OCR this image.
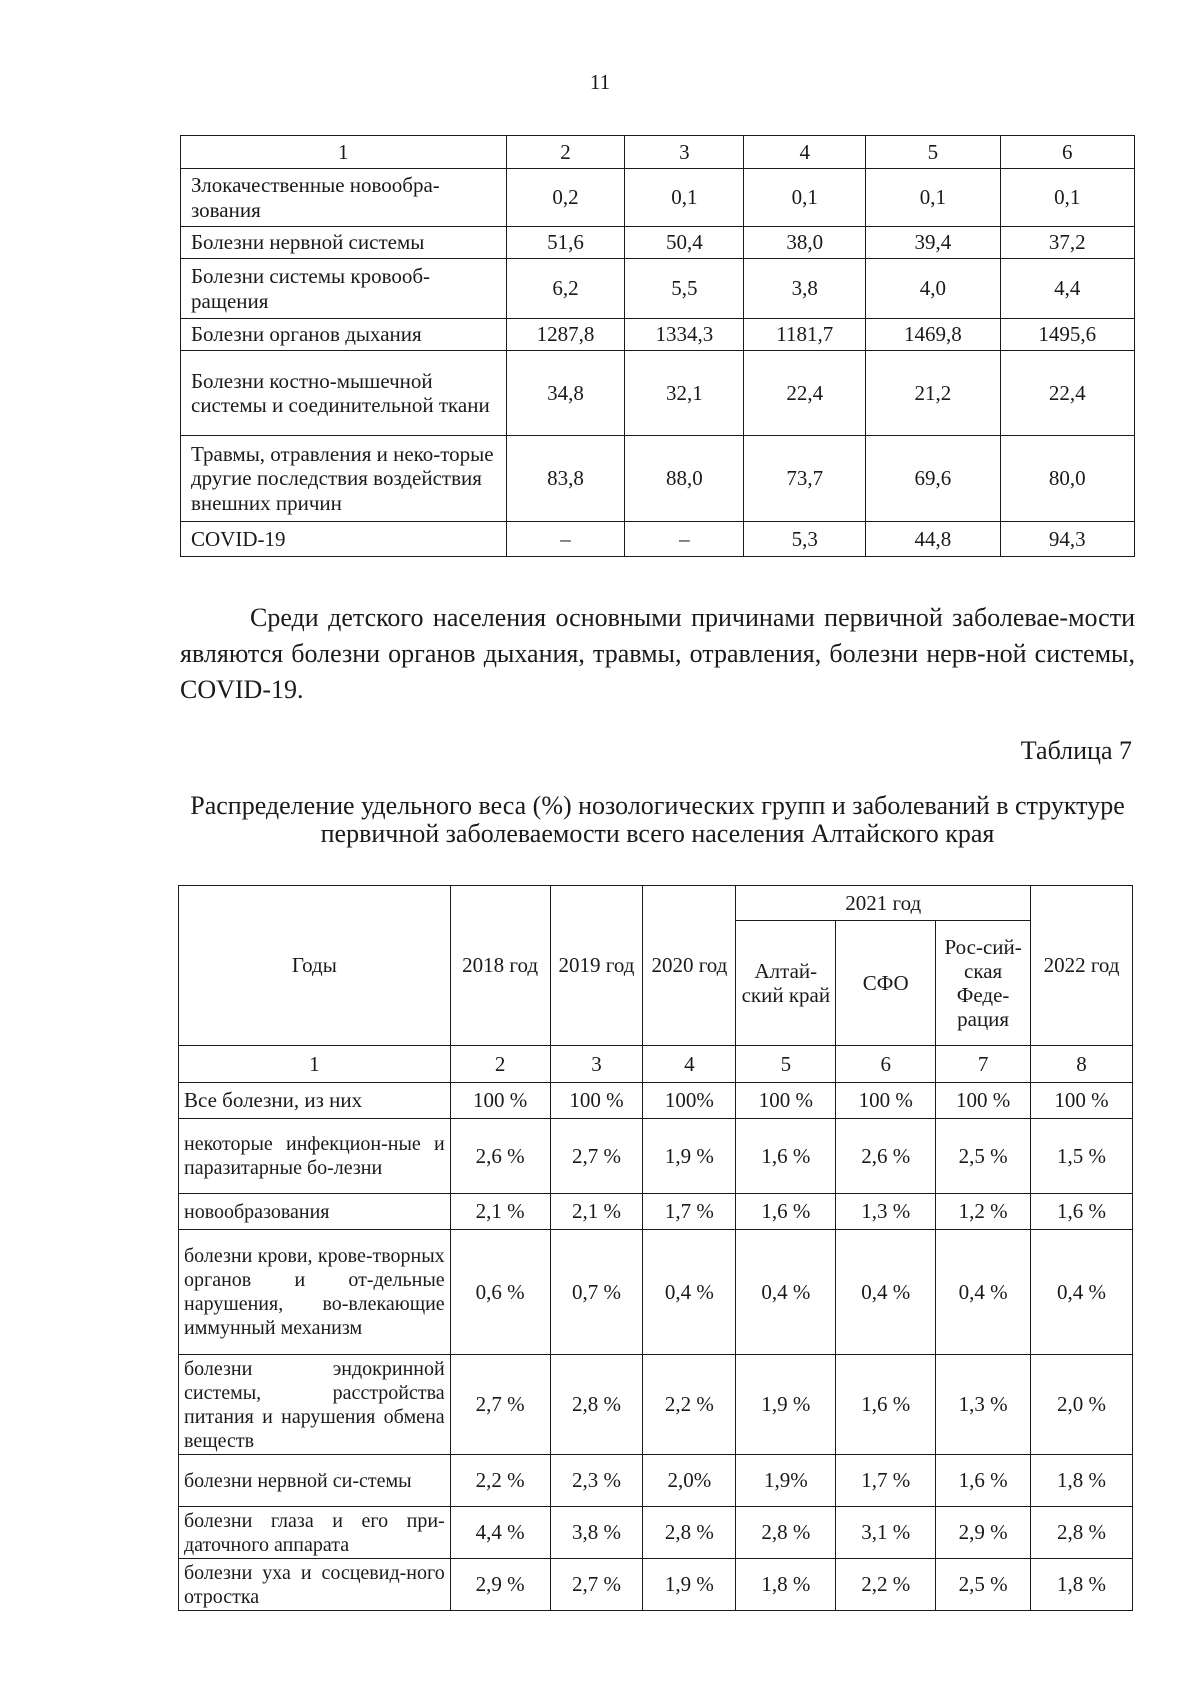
11
1	2	3	4	5	6
Злокачественные новообра-зования	0,2	0,1	0,1	0,1	0,1
Болезни нервной системы	51,6	50,4	38,0	39,4	37,2
Болезни системы кровооб-ращения	6,2	5,5	3,8	4,0	4,4
Болезни органов дыхания	1287,8	1334,3	1181,7	1469,8	1495,6
Болезни костно-мышечной системы и соединительной ткани	34,8	32,1	22,4	21,2	22,4
Травмы, отравления и неко-торые другие последствия воздействия внешних причин	83,8	88,0	73,7	69,6	80,0
COVID-19	–	–	5,3	44,8	94,3

Среди детского населения основными причинами первичной заболевае-мости являются болезни органов дыхания, травмы, отравления, болезни нерв-ной системы, COVID-19.

Таблица 7
Распределение удельного веса (%) нозологических групп и заболеваний в структуре первичной заболеваемости всего населения Алтайского края
Годы	2018 год	2019 год	2020 год	2021 год			2022 год
				Алтай-ский край	СФО	Рос-сий-ская Феде-рация	
1	2	3	4	5	6	7	8
Все болезни, из них	100 %	100 %	100%	100 %	100 %	100 %	100 %
некоторые инфекцион-ные и паразитарные бо-лезни	2,6 %	2,7 %	1,9 %	1,6 %	2,6 %	2,5 %	1,5 %
новообразования	2,1 %	2,1 %	1,7 %	1,6 %	1,3 %	1,2 %	1,6 %
болезни крови, крове-творных органов и от-дельные нарушения, во-влекающие иммунный механизм	0,6 %	0,7 %	0,4 %	0,4 %	0,4 %	0,4 %	0,4 %
болезни эндокринной системы, расстройства питания и нарушения обмена веществ	2,7 %	2,8 %	2,2 %	1,9 %	1,6 %	1,3 %	2,0 %
болезни нервной си-стемы	2,2 %	2,3 %	2,0%	1,9%	1,7 %	1,6 %	1,8 %
болезни глаза и его при-даточного аппарата	4,4 %	3,8 %	2,8 %	2,8 %	3,1 %	2,9 %	2,8 %
болезни уха и сосцевид-ного отростка	2,9 %	2,7 %	1,9 %	1,8 %	2,2 %	2,5 %	1,8 %
